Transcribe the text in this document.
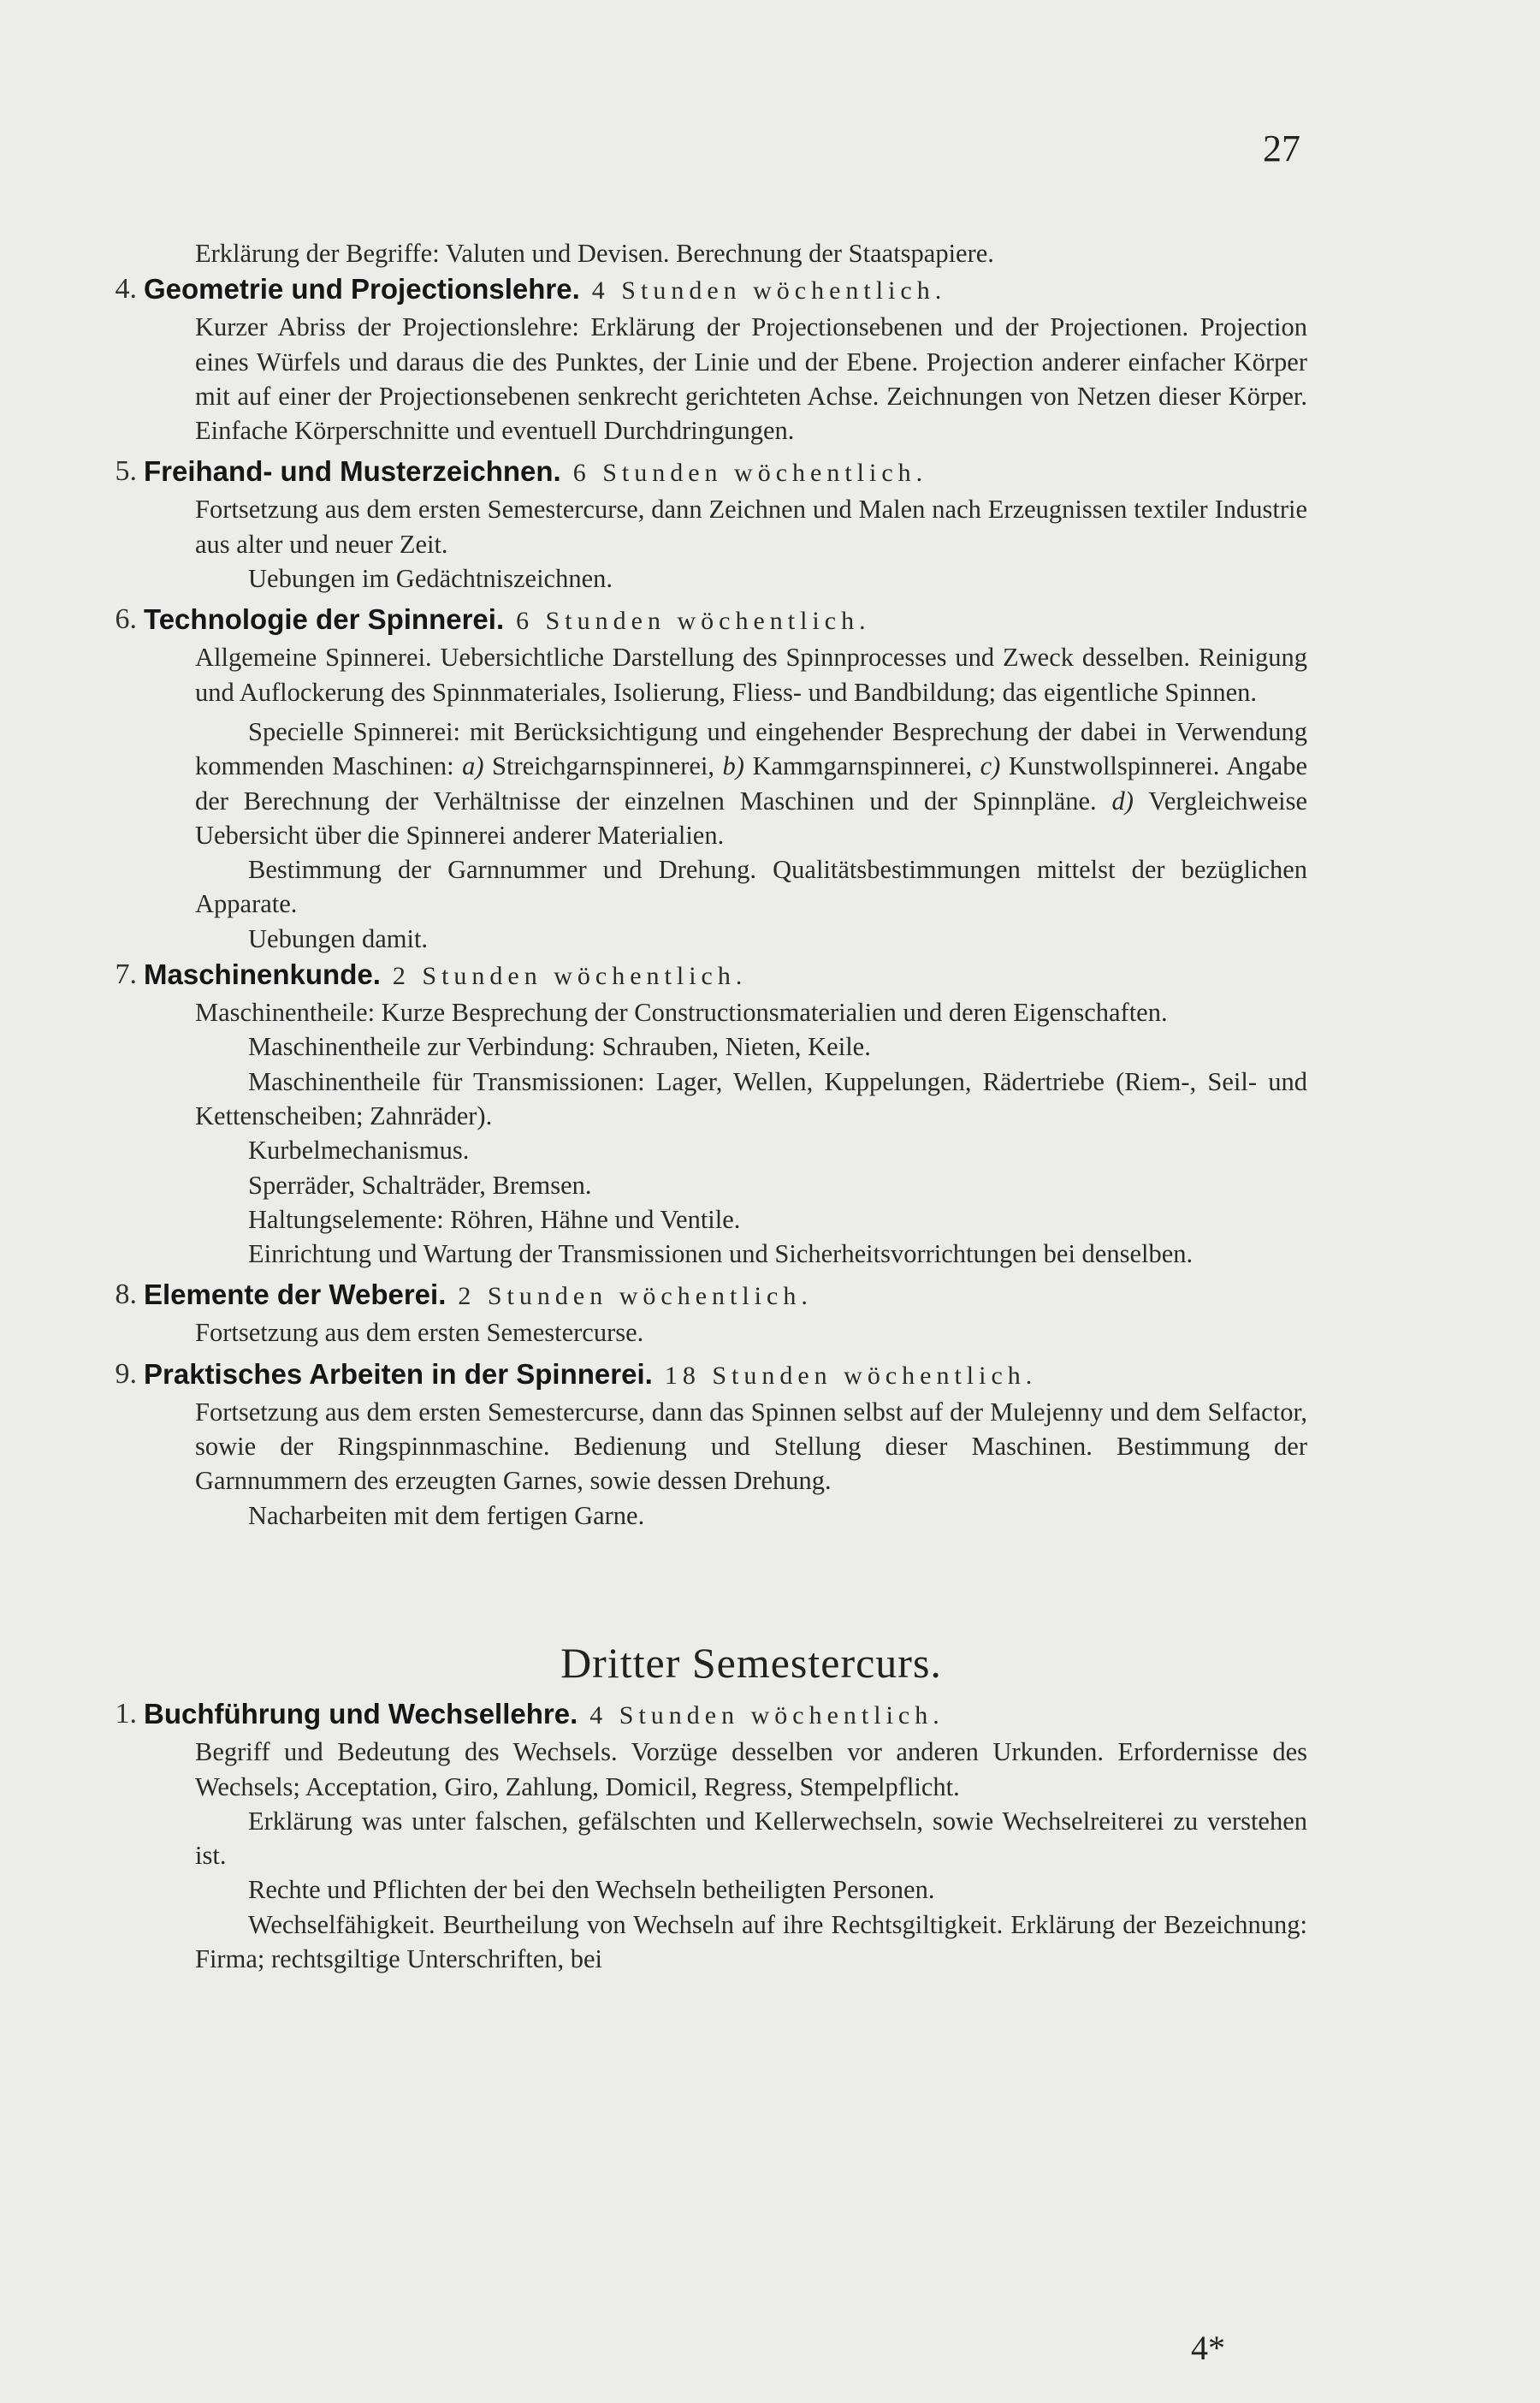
27

Erklärung der Begriffe: Valuten und Devisen. Berechnung der Staatspapiere.

4. Geometrie und Projectionslehre. 4 Stunden wöchentlich.

Kurzer Abriss der Projectionslehre: Erklärung der Projectionsebenen und der Projectionen. Projection eines Würfels und daraus die des Punktes, der Linie und der Ebene. Projection anderer einfacher Körper mit auf einer der Projectionsebenen senkrecht gerichteten Achse. Zeichnungen von Netzen dieser Körper. Einfache Körperschnitte und eventuell Durchdringungen.

5. Freihand- und Musterzeichnen. 6 Stunden wöchentlich.

Fortsetzung aus dem ersten Semestercurse, dann Zeichnen und Malen nach Erzeugnissen textiler Industrie aus alter und neuer Zeit.

Uebungen im Gedächtniszeichnen.

6. Technologie der Spinnerei. 6 Stunden wöchentlich.

Allgemeine Spinnerei. Uebersichtliche Darstellung des Spinnprocesses und Zweck desselben. Reinigung und Auflockerung des Spinnmateriales, Isolierung, Fliess- und Bandbildung; das eigentliche Spinnen.

Specielle Spinnerei: mit Berücksichtigung und eingehender Besprechung der dabei in Verwendung kommenden Maschinen: a) Streichgarnspinnerei, b) Kammgarnspinnerei, c) Kunstwollspinnerei. Angabe der Berechnung der Verhältnisse der einzelnen Maschinen und der Spinnpläne. d) Vergleichweise Uebersicht über die Spinnerei anderer Materialien.

Bestimmung der Garnnummer und Drehung. Qualitätsbestimmungen mittelst der bezüglichen Apparate.

Uebungen damit.

7. Maschinenkunde. 2 Stunden wöchentlich.

Maschinentheile: Kurze Besprechung der Constructionsmaterialien und deren Eigenschaften.

Maschinentheile zur Verbindung: Schrauben, Nieten, Keile.

Maschinentheile für Transmissionen: Lager, Wellen, Kuppelungen, Rädertriebe (Riem-, Seil- und Kettenscheiben; Zahnräder).

Kurbelmechanismus.

Sperräder, Schalträder, Bremsen.

Haltungselemente: Röhren, Hähne und Ventile.

Einrichtung und Wartung der Transmissionen und Sicherheitsvorrichtungen bei denselben.

8. Elemente der Weberei. 2 Stunden wöchentlich.

Fortsetzung aus dem ersten Semestercurse.

9. Praktisches Arbeiten in der Spinnerei. 18 Stunden wöchentlich.

Fortsetzung aus dem ersten Semestercurse, dann das Spinnen selbst auf der Mulejenny und dem Selfactor, sowie der Ringspinnmaschine. Bedienung und Stellung dieser Maschinen. Bestimmung der Garnnummern des erzeugten Garnes, sowie dessen Drehung.

Nacharbeiten mit dem fertigen Garne.

Dritter Semestercurs.
1. Buchführung und Wechsellehre. 4 Stunden wöchentlich.

Begriff und Bedeutung des Wechsels. Vorzüge desselben vor anderen Urkunden. Erfordernisse des Wechsels; Acceptation, Giro, Zahlung, Domicil, Regress, Stempelpflicht.

Erklärung was unter falschen, gefälschten und Kellerwechseln, sowie Wechselreiterei zu verstehen ist.

Rechte und Pflichten der bei den Wechseln betheiligten Personen.

Wechselfähigkeit. Beurtheilung von Wechseln auf ihre Rechtsgiltigkeit. Erklärung der Bezeichnung: Firma; rechtsgiltige Unterschriften, bei

4*
